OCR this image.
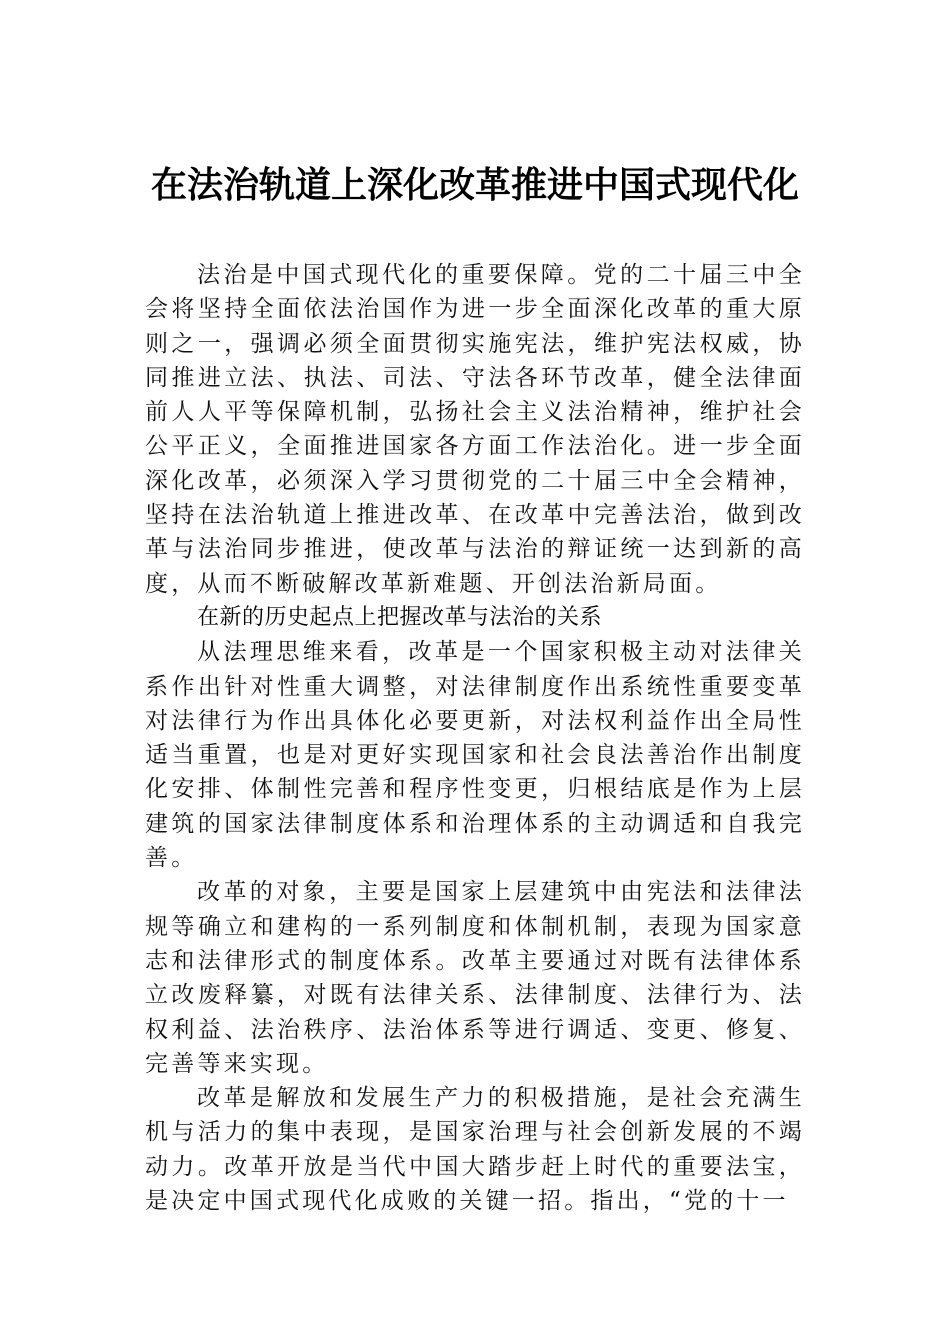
在法治轨道上深化改革推进中国式现代化

法治是中国式现代化的重要保障。党的二十届三中全会将坚持全面依法治国作为进一步全面深化改革的重大原则之一，强调必须全面贯彻实施宪法，维护宪法权威，协同推进立法、执法、司法、守法各环节改革，健全法律面前人人平等保障机制，弘扬社会主义法治精神，维护社会公平正义，全面推进国家各方面工作法治化。进一步全面深化改革，必须深入学习贯彻党的二十届三中全会精神，坚持在法治轨道上推进改革、在改革中完善法治，做到改革与法治同步推进，使改革与法治的辩证统一达到新的高度，从而不断破解改革新难题、开创法治新局面。

在新的历史起点上把握改革与法治的关系

从法理思维来看，改革是一个国家积极主动对法律关系作出针对性重大调整，对法律制度作出系统性重要变革对法律行为作出具体化必要更新，对法权利益作出全局性适当重置，也是对更好实现国家和社会良法善治作出制度化安排、体制性完善和程序性变更，归根结底是作为上层建筑的国家法律制度体系和治理体系的主动调适和自我完善。

改革的对象，主要是国家上层建筑中由宪法和法律法规等确立和建构的一系列制度和体制机制，表现为国家意志和法律形式的制度体系。改革主要通过对既有法律体系立改废释纂，对既有法律关系、法律制度、法律行为、法权利益、法治秩序、法治体系等进行调适、变更、修复、完善等来实现。

改革是解放和发展生产力的积极措施，是社会充满生机与活力的集中表现，是国家治理与社会创新发展的不竭动力。改革开放是当代中国大踏步赶上时代的重要法宝，是决定中国式现代化成败的关键一招。指出，“党的十一
